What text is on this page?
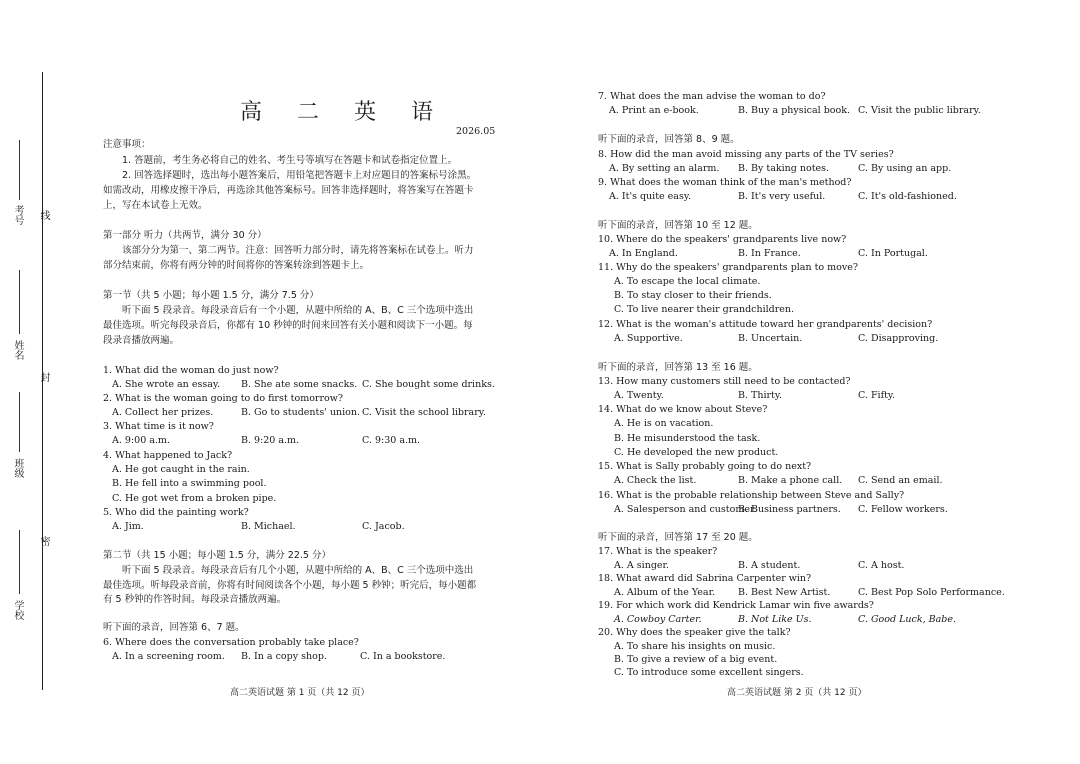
考号 线
姓名
封
班级
密
学校
高 二 英 语
2026.05
注意事项：
1. 答题前，考生务必将自己的姓名、考生号等填写在答题卡和试卷指定位置上。
2. 回答选择题时，选出每小题答案后，用铅笔把答题卡上对应题目的答案标号涂黑。
如需改动，用橡皮擦干净后，再选涂其他答案标号。回答非选择题时，将答案写在答题卡
上，写在本试卷上无效。
第一部分 听力（共两节，满分 30 分）
该部分分为第一、第二两节。注意：回答听力部分时，请先将答案标在试卷上。听力
部分结束前，你将有两分钟的时间将你的答案转涂到答题卡上。
第一节（共 5 小题；每小题 1.5 分，满分 7.5 分）
听下面 5 段录音。每段录音后有一个小题，从题中所给的 A、B、C 三个选项中选出
最佳选项。听完每段录音后，你都有 10 秒钟的时间来回答有关小题和阅读下一小题。每
段录音播放两遍。
1. What did the woman do just now?
A. She wrote an essay. B. She ate some snacks. C. She bought some drinks.
2. What is the woman going to do first tomorrow?
A. Collect her prizes.	B. Go to students' union. C. Visit the school library.
3. What time is it now?
A. 9:00 a.m.	B. 9:20 a.m.	C. 9:30 a.m.
4. What happened to Jack?
A. He got caught in the rain.
B. He fell into a swimming pool.
C. He got wet from a broken pipe.
5. Who did the painting work?
A. Jim.	B. Michael.	C. Jacob.
第二节（共 15 小题；每小题 1.5 分，满分 22.5 分）
听下面 5 段录音。每段录音后有几个小题，从题中所给的 A、B、C 三个选项中选出
最佳选项。听每段录音前，你将有时间阅读各个小题，每小题 5 秒钟；听完后，每小题都
有 5 秒钟的作答时间。每段录音播放两遍。
听下面的录音，回答第 6、7 题。
6. Where does the conversation probably take place?
A. In a screening room. B. In a copy shop.	C. In a bookstore.
高二英语试题 第 1 页（共 12 页）
7. What does the man advise the woman to do?
A. Print an e-book.	B. Buy a physical book. C. Visit the public library.
听下面的录音，回答第 8、9 题。
8. How did the man avoid missing any parts of the TV series?
A. By setting an alarm. B. By taking notes.	C. By using an app.
9. What does the woman think of the man's method?
A. It's quite easy.	B. It's very useful.	C. It's old-fashioned.
听下面的录音，回答第 10 至 12 题。
10. Where do the speakers' grandparents live now?
A. In England.	B. In France.	C. In Portugal.
11. Why do the speakers' grandparents plan to move?
A. To escape the local climate.
B. To stay closer to their friends.
C. To live nearer their grandchildren.
12. What is the woman's attitude toward her grandparents' decision?
A. Supportive.	B. Uncertain.	C. Disapproving.
听下面的录音，回答第 13 至 16 题。
13. How many customers still need to be contacted?
A. Twenty.	B. Thirty.	C. Fifty.
14. What do we know about Steve?
A. He is on vacation.
B. He misunderstood the task.
C. He developed the new product.
15. What is Sally probably going to do next?
A. Check the list.	B. Make a phone call. C. Send an email.
16. What is the probable relationship between Steve and Sally?
A. Salesperson and customer.
B. Business partners. C. Fellow workers.
听下面的录音，回答第 17 至 20 题。
17. What is the speaker?
A. A singer.	B. A student.	C. A host.
18. What award did Sabrina Carpenter win?
A. Album of the Year. B. Best New Artist.	C. Best Pop Solo Performance.
19. For which work did Kendrick Lamar win five awards?
A. Cowboy Carter.	B. Not Like Us.	C. Good Luck, Babe.
20. Why does the speaker give the talk?
A. To share his insights on music.
B. To give a review of a big event.
C. To introduce some excellent singers.
高二英语试题 第 2 页（共 12 页）
